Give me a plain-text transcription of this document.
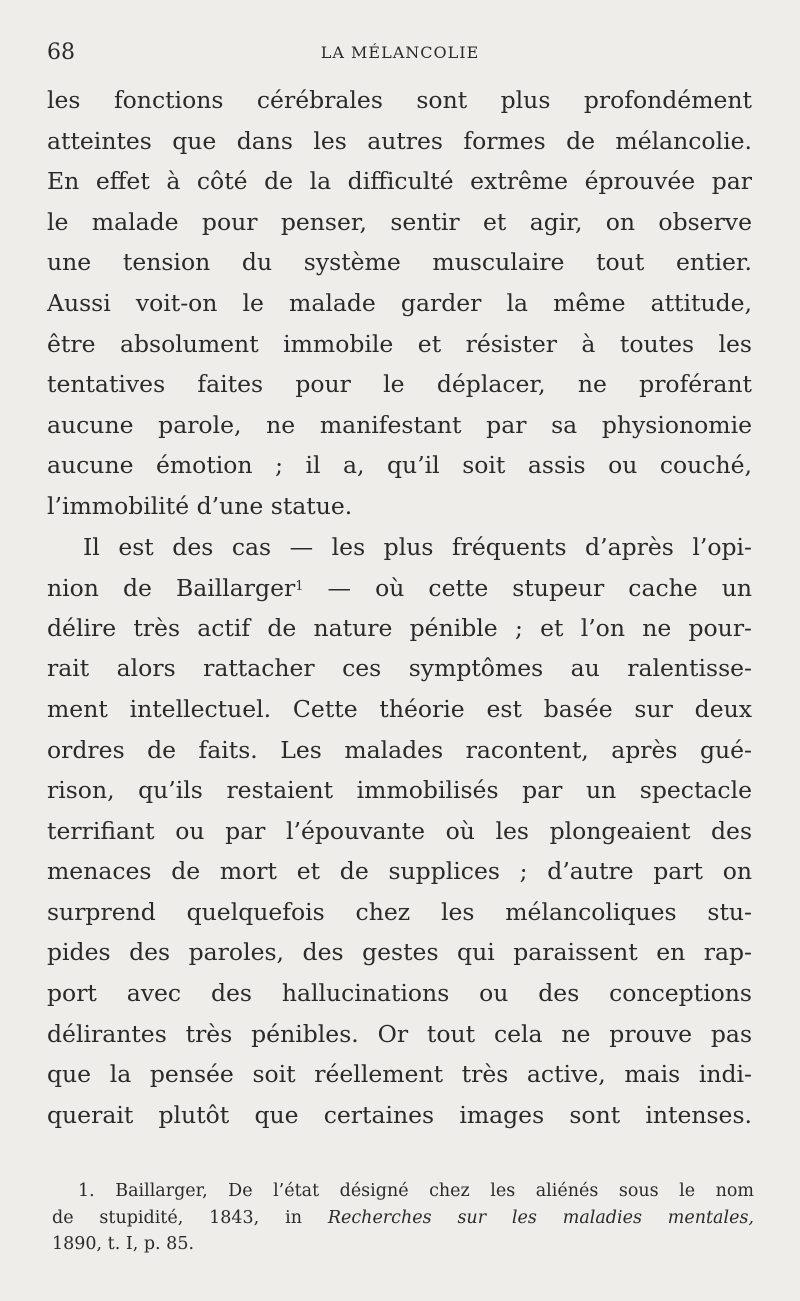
68	LA MÉLANCOLIE
les fonctions cérébrales sont plus profondément
atteintes que dans les autres formes de mélancolie.
En effet à côté de la difficulté extrême éprouvée par
le malade pour penser, sentir et agir, on observe
une tension du système musculaire tout entier.
Aussi voit-on le malade garder la même attitude,
être absolument immobile et résister à toutes les
tentatives faites pour le déplacer, ne proférant
aucune parole, ne manifestant par sa physionomie
aucune émotion ; il a, qu’il soit assis ou couché,
l’immobilité d’une statue.
Il est des cas — les plus fréquents d’après l’opi-
nion de Baillarger$^1$ — où cette stupeur cache un
délire très actif de nature pénible ; et l’on ne pour-
rait alors rattacher ces symptômes au ralentisse-
ment intellectuel. Cette théorie est basée sur deux
ordres de faits. Les malades racontent, après gué-
rison, qu’ils restaient immobilisés par un spectacle
terrifiant ou par l’épouvante où les plongeaient des
menaces de mort et de supplices ; d’autre part on
surprend quelquefois chez les mélancoliques stu-
pides des paroles, des gestes qui paraissent en rap-
port avec des hallucinations ou des conceptions
délirantes très pénibles. Or tout cela ne prouve pas
que la pensée soit réellement très active, mais indi-
querait plutôt que certaines images sont intenses.
1. Baillarger, De l’état désigné chez les aliénés sous le nom
de stupidité, 1843, in Recherches sur les maladies mentales,
1890, t. I, p. 85.
